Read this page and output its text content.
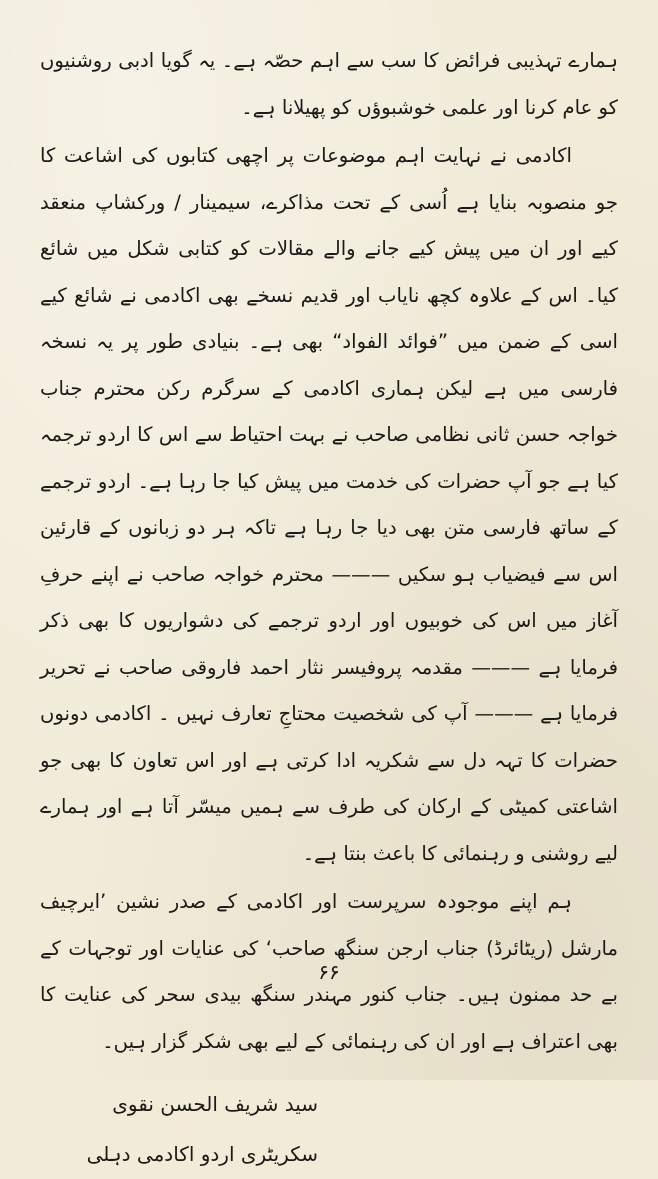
ہمارے تہذیبی فرائض کا سب سے اہم حصّہ ہے۔ یہ گویا ادبی روشنیوں کو عام کرنا اور علمی خوشبوؤں کو پھیلانا ہے۔

اکادمی نے نہایت اہم موضوعات پر اچھی کتابوں کی اشاعت کا جو منصوبہ بنایا ہے اُسی کے تحت مذاکرے، سیمینار / ورکشاپ منعقد کیے اور ان میں پیش کیے جانے والے مقالات کو کتابی شکل میں شائع کیا۔ اس کے علاوہ کچھ نایاب اور قدیم نسخے بھی اکادمی نے شائع کیے اسی کے ضمن میں ”فوائد الفواد“ بھی ہے۔ بنیادی طور پر یہ نسخہ فارسی میں ہے لیکن ہماری اکادمی کے سرگرم رکن محترم جناب خواجہ حسن ثانی نظامی صاحب نے بہت احتیاط سے اس کا اردو ترجمہ کیا ہے جو آپ حضرات کی خدمت میں پیش کیا جا رہا ہے۔ اردو ترجمے کے ساتھ فارسی متن بھی دیا جا رہا ہے تاکہ ہر دو زبانوں کے قارئین اس سے فیضیاب ہو سکیں ——— محترم خواجہ صاحب نے اپنے حرفِ آغاز میں اس کی خوبیوں اور اردو ترجمے کی دشواریوں کا بھی ذکر فرمایا ہے ——— مقدمہ پروفیسر نثار احمد فاروقی صاحب نے تحریر فرمایا ہے ——— آپ کی شخصیت محتاجِ تعارف نہیں ۔ اکادمی دونوں حضرات کا تہہ دل سے شکریہ ادا کرتی ہے اور اس تعاون کا بھی جو اشاعتی کمیٹی کے ارکان کی طرف سے ہمیں میسّر آتا ہے اور ہمارے لیے روشنی و رہنمائی کا باعث بنتا ہے۔

ہم اپنے موجودہ سرپرست اور اکادمی کے صدر نشین ’ایرچیف مارشل (ریٹائرڈ) جناب ارجن سنگھ صاحب‘ کی عنایات اور توجہات کے بے حد ممنون ہیں۔ جناب کنور مہندر سنگھ بیدی سحر کی عنایت کا بھی اعتراف ہے اور ان کی رہنمائی کے لیے بھی شکر گزار ہیں۔

سید شریف الحسن نقوی
سکریٹری اردو اکادمی دہلی
۶۶
